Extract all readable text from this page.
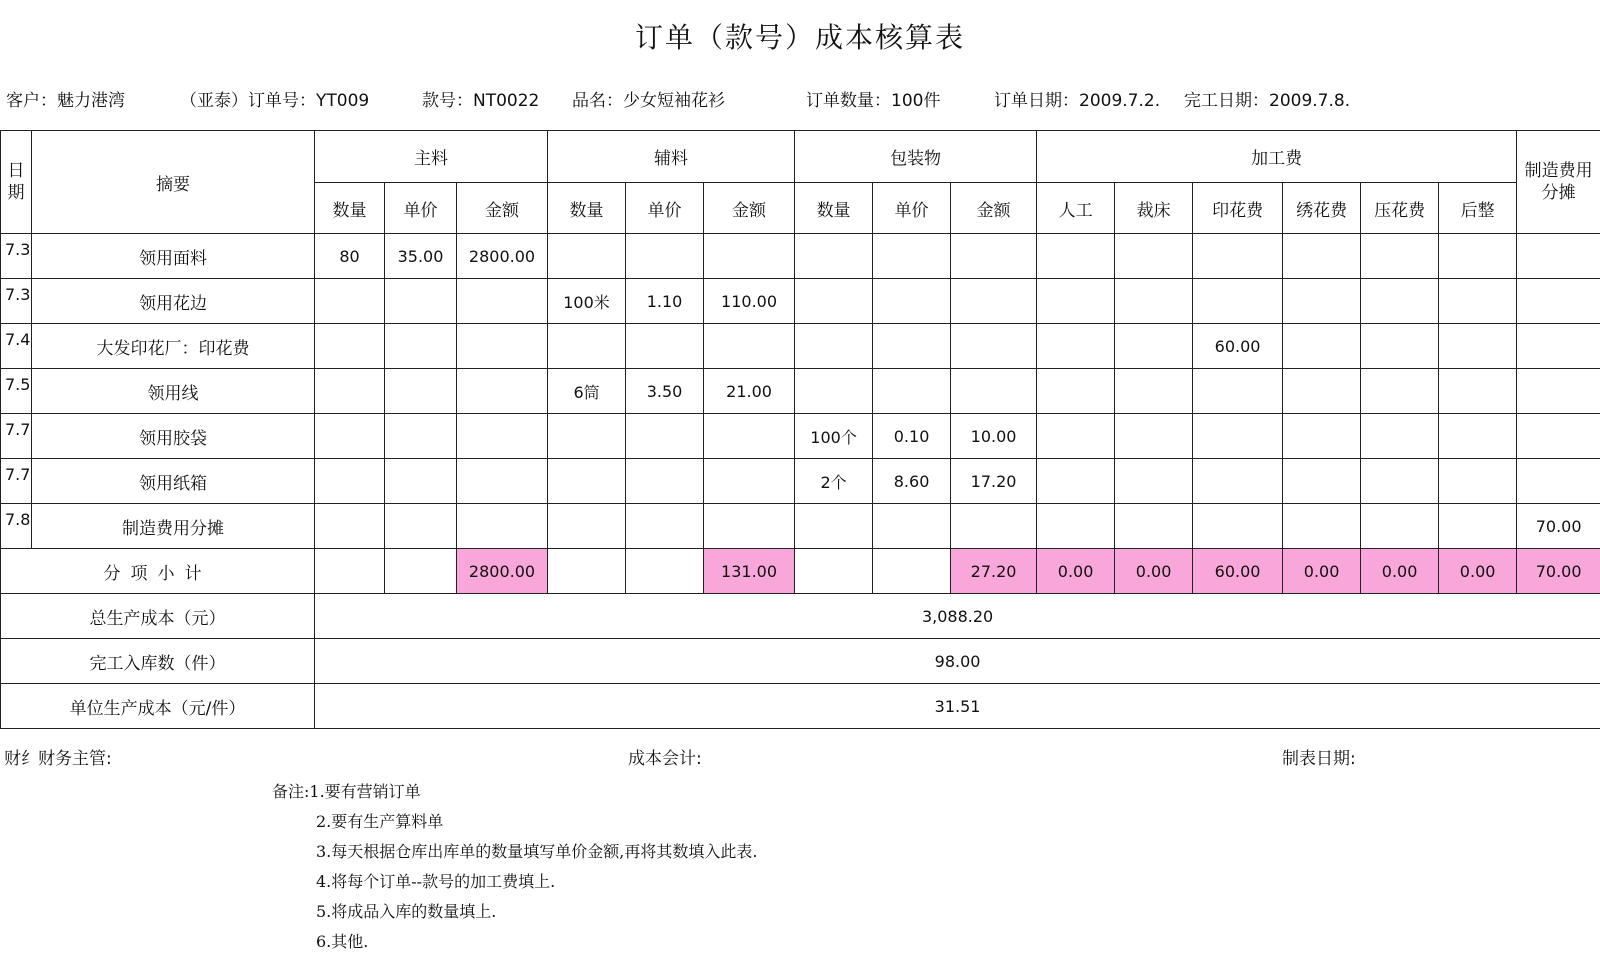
订单（款号）成本核算表
客户：魅力港湾	（亚泰）订单号：YT009	款号：NT0022 品名：少女短袖花衫	订单数量：100件	订单日期：2009.7.2. 完工日期：2009.7.8.
日期	摘要	主料			辅料			包装物			加工费						制造费用分摊
		数量	单价	金额	数量	单价	金额	数量	单价	金额	人工	裁床	印花费	绣花费	压花费	后整	
7.3	领用面料	80	35.00	2800.00													
7.3	领用花边				100米	1.10	110.00										
7.4	大发印花厂：印花费												60.00				
7.5	领用线				6筒	3.50	21.00										
7.7	领用胶袋							100个	0.10	10.00							
7.7	领用纸箱							2个	8.60	17.20							
7.8	制造费用分摊																70.00
分项小计				2800.00			131.00			27.20	0.00	0.00	60.00	0.00	0.00	0.00	70.00
总生产成本（元）		3,088.20															
完工入库数（件）		98.00															
单位生产成本（元/件）		31.51															
财纟财务主管:	成本会计:	制表日期:
备注:1.要有营销订单
2.要有生产算料单
3.每天根据仓库出库单的数量填写单价金额,再将其数填入此表.
4.将每个订单--款号的加工费填上.
5.将成品入库的数量填上.
6.其他.
